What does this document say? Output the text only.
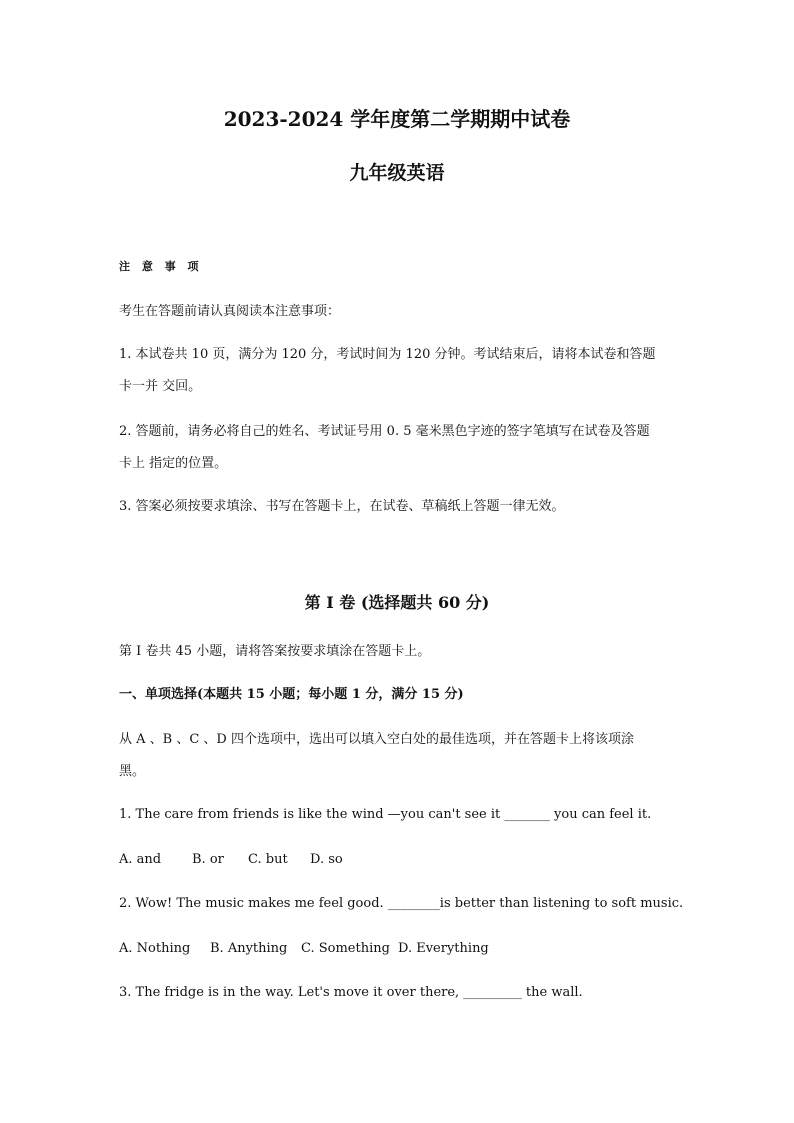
2023-2024 学年度第二学期期中试卷
九年级英语
注 意 事 项
考生在答题前请认真阅读本注意事项：
1. 本试卷共 10 页，满分为 120 分，考试时间为 120 分钟。考试结束后，请将本试卷和答题
卡一并 交回。
2. 答题前，请务必将自己的姓名、考试证号用 0. 5 毫米黑色字迹的签字笔填写在试卷及答题
卡上 指定的位置。
3. 答案必须按要求填涂、书写在答题卡上，在试卷、草稿纸上答题一律无效。
第 I 卷 (选择题共 60 分)
第 I 卷共 45 小题，请将答案按要求填涂在答题卡上。
一、单项选择(本题共 15 小题；每小题 1 分，满分 15 分)
从 A 、B 、C 、D 四个选项中，选出可以填入空白处的最佳选项，并在答题卡上将该项涂
黑。
1. The care from friends is like the wind —you can't see it _______ you can feel it.
A. and B. or C. but D. so
2. Wow! The music makes me feel good. ________is better than listening to soft music.
A. Nothing B. Anything C. Something D. Everything
3. The fridge is in the way. Let's move it over there, _________ the wall.
